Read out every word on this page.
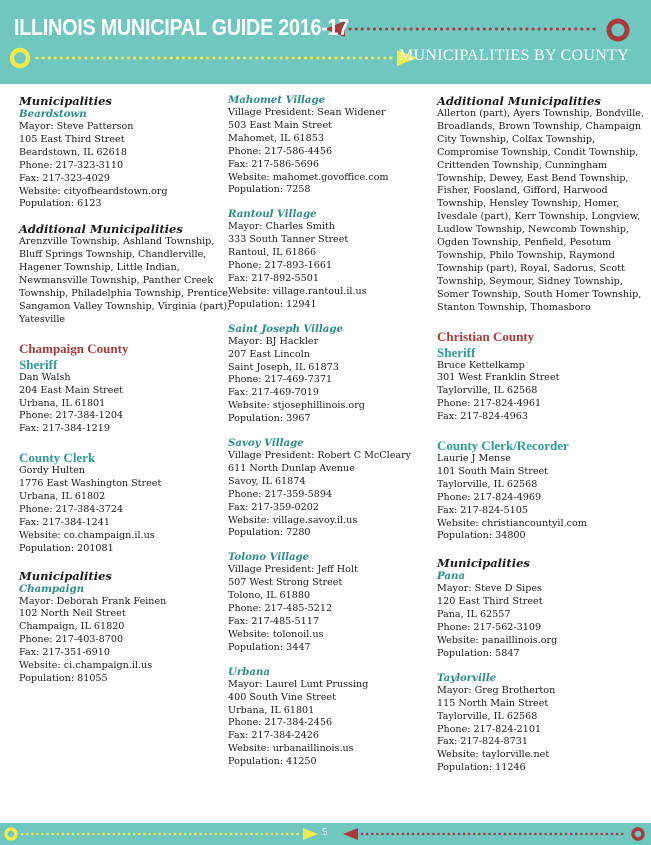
ILLINOIS MUNICIPAL GUIDE 2016-17
MUNICIPALITIES BY COUNTY
Municipalities
Beardstown
Mayor: Steve Patterson
105 East Third Street
Beardstown, IL 62618
Phone: 217-323-3110
Fax: 217-323-4029
Website: cityofbeardstown.org
Population: 6123
Additional Municipalities
Arenzville Township, Ashland Township,
Bluff Springs Township, Chandlerville,
Hagener Township, Little Indian,
Newmansville Township, Panther Creek
Township, Philadelphia Township, Prentice,
Sangamon Valley Township, Virginia (part),
Yatesville
Champaign County
Sheriff
Dan Walsh
204 East Main Street
Urbana, IL 61801
Phone: 217-384-1204
Fax: 217-384-1219
County Clerk
Gordy Hulten
1776 East Washington Street
Urbana, IL 61802
Phone: 217-384-3724
Fax: 217-384-1241
Website: co.champaign.il.us
Population: 201081
Municipalities
Champaign
Mayor: Deborah Frank Feinen
102 North Neil Street
Champaign, IL 61820
Phone: 217-403-8700
Fax: 217-351-6910
Website: ci.champaign.il.us
Population: 81055
Mahomet Village
Village President: Sean Widener
503 East Main Street
Mahomet, IL 61853
Phone: 217-586-4456
Fax: 217-586-5696
Website: mahomet.govoffice.com
Population: 7258
Rantoul Village
Mayor: Charles Smith
333 South Tanner Street
Rantoul, IL 61866
Phone: 217-893-1661
Fax: 217-892-5501
Website: village.rantoul.il.us
Population: 12941
Saint Joseph Village
Mayor: BJ Hackler
207 East Lincoln
Saint Joseph, IL 61873
Phone: 217-469-7371
Fax: 217-469-7019
Website: stjosephillinois.org
Population: 3967
Savoy Village
Village President: Robert C McCleary
611 North Dunlap Avenue
Savoy, IL 61874
Phone: 217-359-5894
Fax: 217-359-0202
Website: village.savoy.il.us
Population: 7280
Tolono Village
Village President: Jeff Holt
507 West Strong Street
Tolono, IL 61880
Phone: 217-485-5212
Fax: 217-485-5117
Website: tolonoil.us
Population: 3447
Urbana
Mayor: Laurel Lunt Prussing
400 South Vine Street
Urbana, IL 61801
Phone: 217-384-2456
Fax: 217-384-2426
Website: urbanaillinois.us
Population: 41250
Additional Municipalities
Allerton (part), Ayers Township, Bondville,
Broadlands, Brown Township, Champaign
City Township, Colfax Township,
Compromise Township, Condit Township,
Crittenden Township, Cunningham
Township, Dewey, East Bend Township,
Fisher, Foosland, Gifford, Harwood
Township, Hensley Township, Homer,
Ivesdale (part), Kerr Township, Longview,
Ludlow Township, Newcomb Township,
Ogden Township, Penfield, Pesotum
Township, Philo Township, Raymond
Township (part), Royal, Sadorus, Scott
Township, Seymour, Sidney Township,
Somer Township, South Homer Township,
Stanton Township, Thomasboro
Christian County
Sheriff
Bruce Kettelkamp
301 West Franklin Street
Taylorville, IL 62568
Phone: 217-824-4961
Fax: 217-824-4963
County Clerk/Recorder
Laurie J Mense
101 South Main Street
Taylorville, IL 62568
Phone: 217-824-4969
Fax: 217-824-5105
Website: christiancountyil.com
Population: 34800
Municipalities
Pana
Mayor: Steve D Sipes
120 East Third Street
Pana, IL 62557
Phone: 217-562-3109
Website: panaillinois.org
Population: 5847
Taylorville
Mayor: Greg Brotherton
115 North Main Street
Taylorville, IL 62568
Phone: 217-824-2101
Fax: 217-824-8731
Website: taylorville.net
Population: 11246
5
